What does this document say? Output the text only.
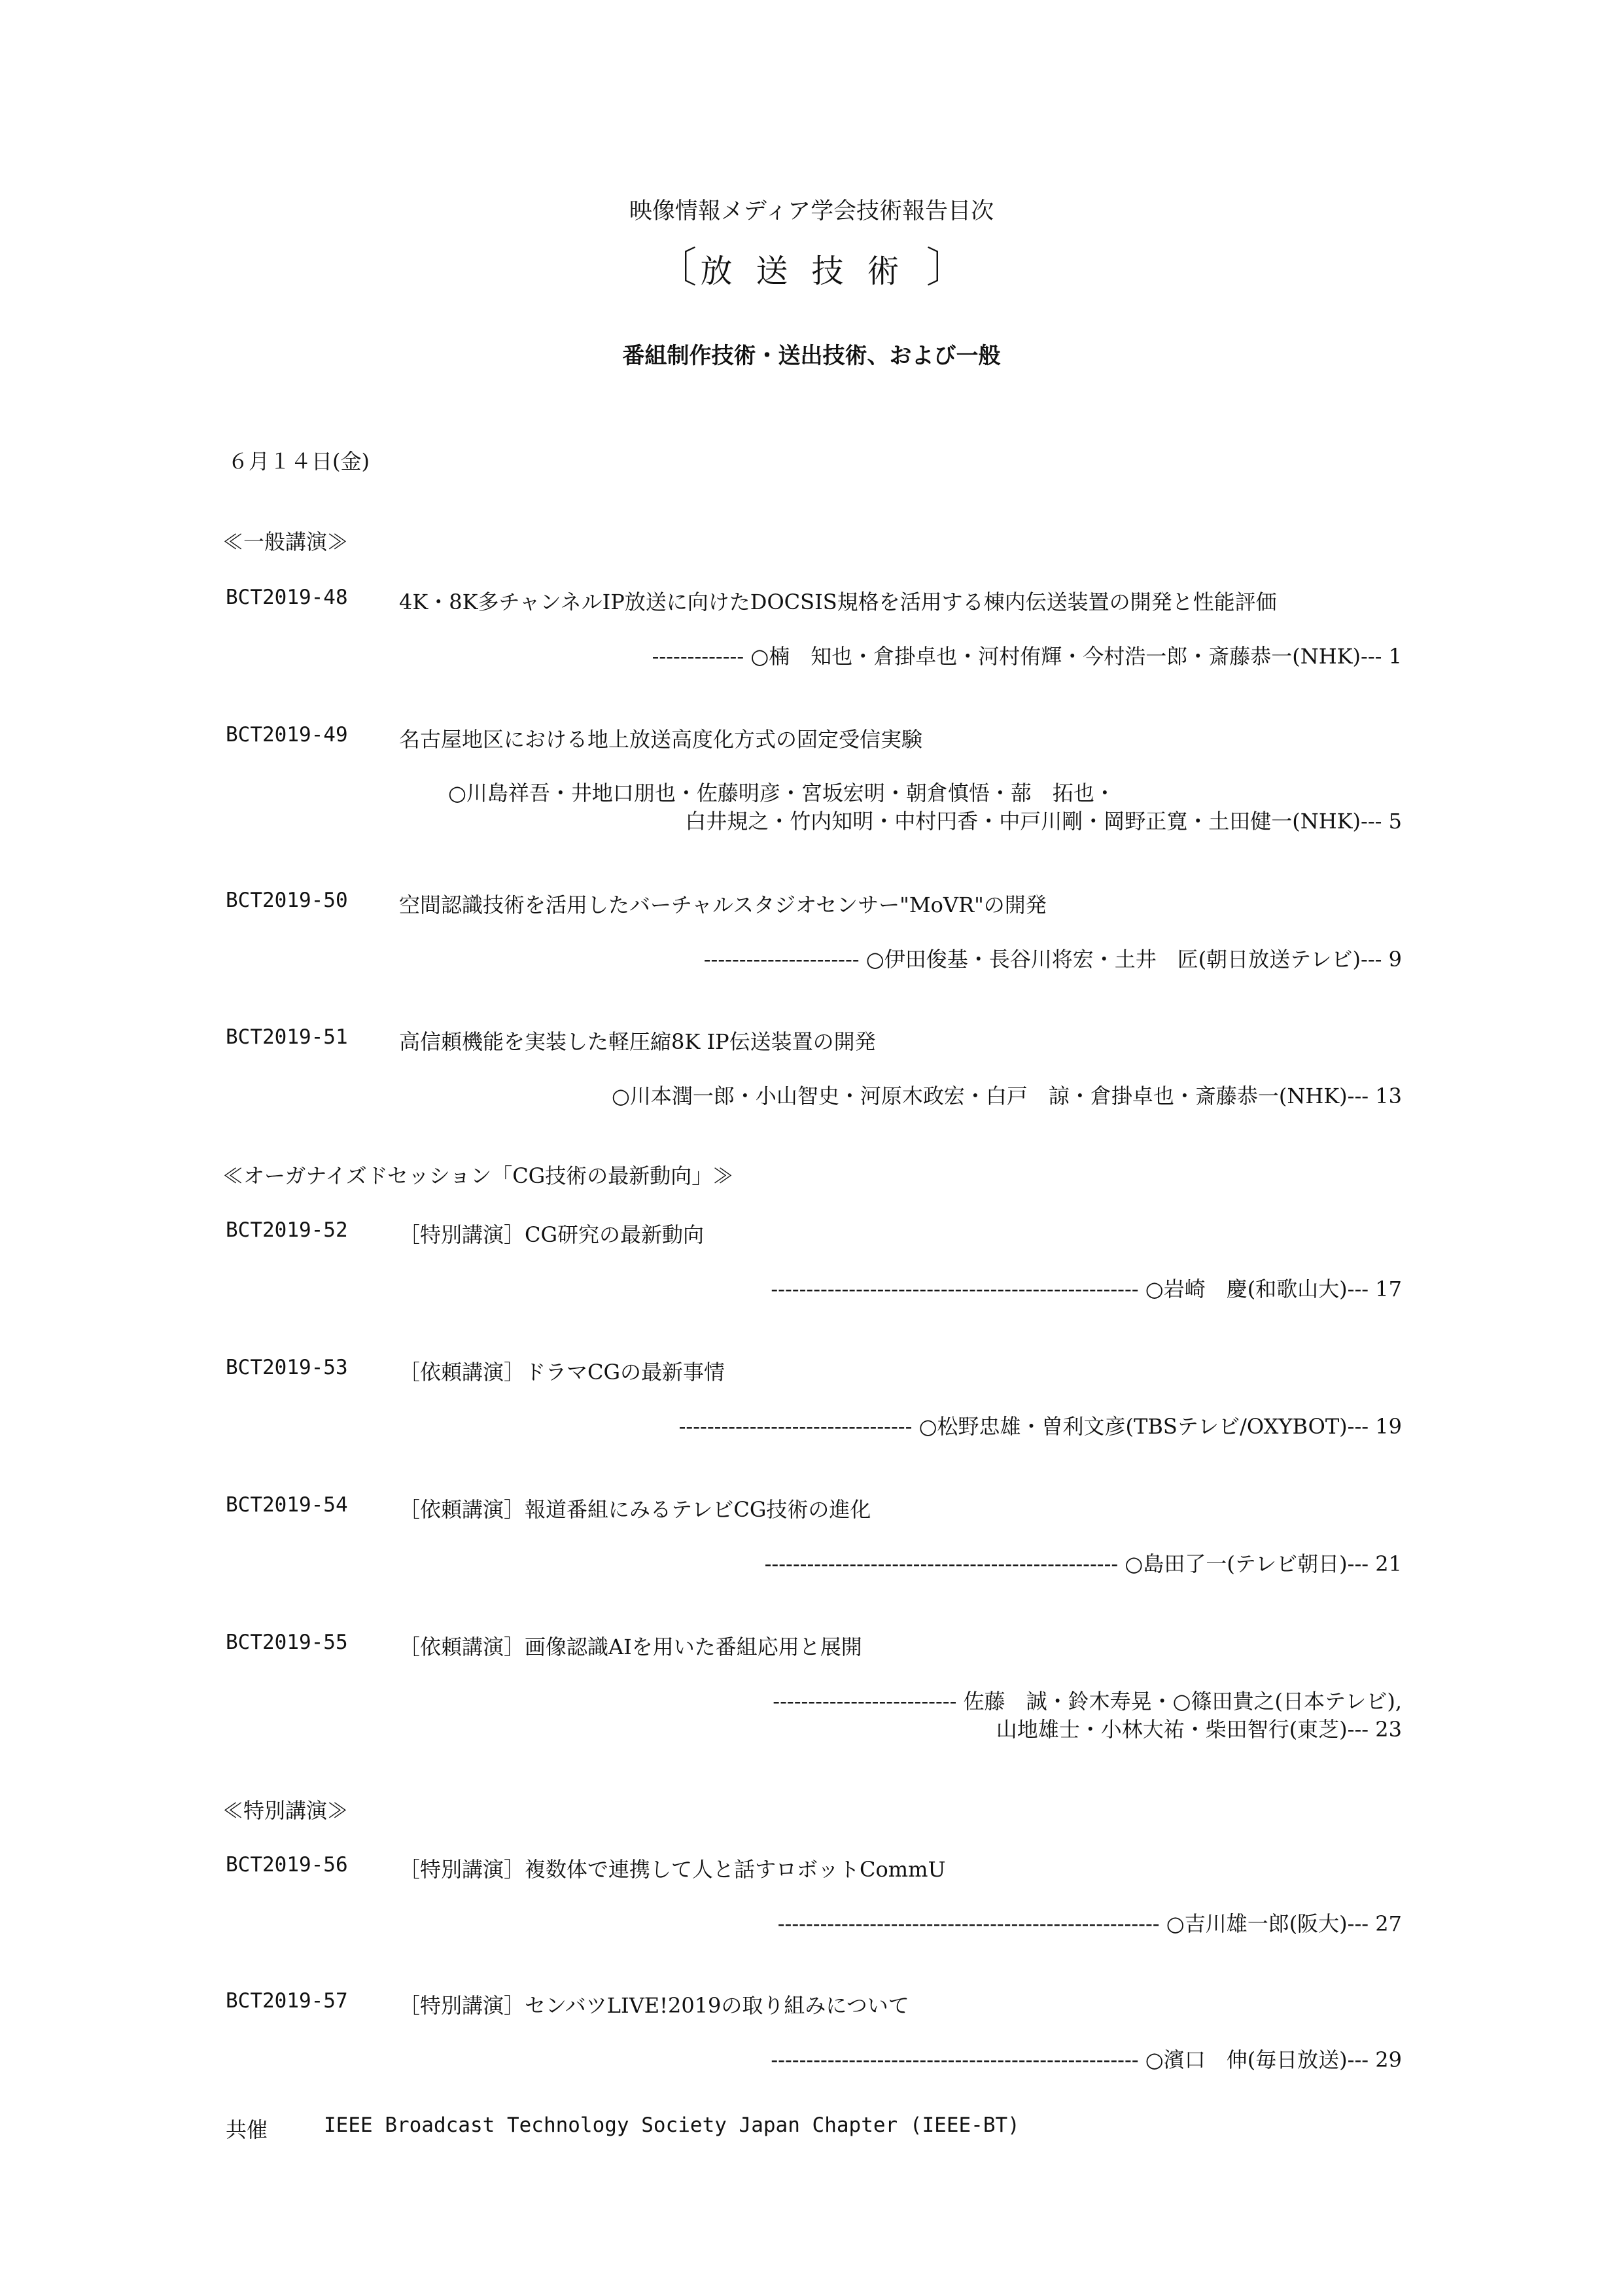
映像情報メディア学会技術報告目次
〔 放送技術 〕
番組制作技術・送出技術、および一般
６月１４日(金)
≪一般講演≫
BCT2019-48 4K・8K多チャンネルIP放送に向けたDOCSIS規格を活用する棟内伝送装置の開発と性能評価
------------- ○楠　知也・倉掛卓也・河村侑輝・今村浩一郎・斎藤恭一(NHK)--- 1
BCT2019-49 名古屋地区における地上放送高度化方式の固定受信実験
○川島祥吾・井地口朋也・佐藤明彦・宮坂宏明・朝倉慎悟・蔀　拓也・
白井規之・竹内知明・中村円香・中戸川剛・岡野正寛・土田健一(NHK)--- 5
BCT2019-50 空間認識技術を活用したバーチャルスタジオセンサー"MoVR"の開発
---------------------- ○伊田俊基・長谷川将宏・土井　匠(朝日放送テレビ)--- 9
BCT2019-51 高信頼機能を実装した軽圧縮8K IP伝送装置の開発
○川本潤一郎・小山智史・河原木政宏・白戸　諒・倉掛卓也・斎藤恭一(NHK)--- 13
≪オーガナイズドセッション「CG技術の最新動向」≫
BCT2019-52 ［特別講演］CG研究の最新動向
---------------------------------------------------- ○岩崎　慶(和歌山大)--- 17
BCT2019-53 ［依頼講演］ドラマCGの最新事情
--------------------------------- ○松野忠雄・曽利文彦(TBSテレビ/OXYBOT)--- 19
BCT2019-54 ［依頼講演］報道番組にみるテレビCG技術の進化
-------------------------------------------------- ○島田了一(テレビ朝日)--- 21
BCT2019-55 ［依頼講演］画像認識AIを用いた番組応用と展開
-------------------------- 佐藤　誠・鈴木寿晃・○篠田貴之(日本テレビ),
山地雄士・小林大祐・柴田智行(東芝)--- 23
≪特別講演≫
BCT2019-56 ［特別講演］複数体で連携して人と話すロボットCommU
------------------------------------------------------ ○吉川雄一郎(阪大)--- 27
BCT2019-57 ［特別講演］センバツLIVE!2019の取り組みについて
---------------------------------------------------- ○濱口　伸(毎日放送)--- 29
共催	IEEE Broadcast Technology Society Japan Chapter (IEEE-BT)
